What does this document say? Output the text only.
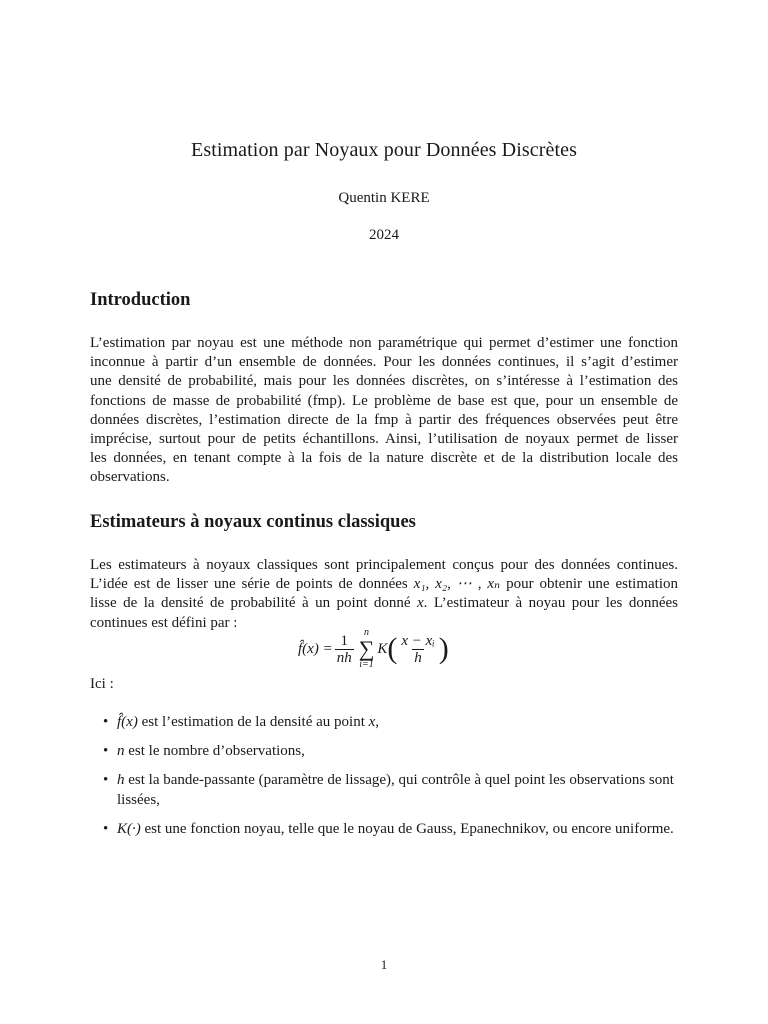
Estimation par Noyaux pour Données Discrètes
Quentin KERE
2024
Introduction
L’estimation par noyau est une méthode non paramétrique qui permet d’estimer une fonction
inconnue à partir d’un ensemble de données. Pour les données continues, il s’agit d’estimer
une densité de probabilité, mais pour les données discrètes, on s’intéresse à l’estimation des
fonctions de masse de probabilité (fmp). Le problème de base est que, pour un ensemble de
données discrètes, l’estimation directe de la fmp à partir des fréquences observées peut être
imprécise, surtout pour de petits échantillons. Ainsi, l’utilisation de noyaux permet de lisser
les données, en tenant compte à la fois de la nature discrète et de la distribution locale des
observations.
Estimateurs à noyaux continus classiques
Les estimateurs à noyaux classiques sont principalement conçus pour des données continues.
L’idée est de lisser une série de points de données x₁, x₂, ⋯ , xₙ pour obtenir une estimation
lisse de la densité de probabilité à un point donné x. L’estimateur à noyau pour les données
continues est défini par :
f̂(x) = $\frac{1}{nh}$ n
∑
i=1
K ( $\frac{\text{x − xᵢ}}{h}$ )
Ici :
• f̂(x) est l’estimation de la densité au point x,
• n est le nombre d’observations,
• h est la bande-passante (paramètre de lissage), qui contrôle à quel point les observations sont lissées,
• K(·) est une fonction noyau, telle que le noyau de Gauss, Epanechnikov, ou encore uniforme.
1
